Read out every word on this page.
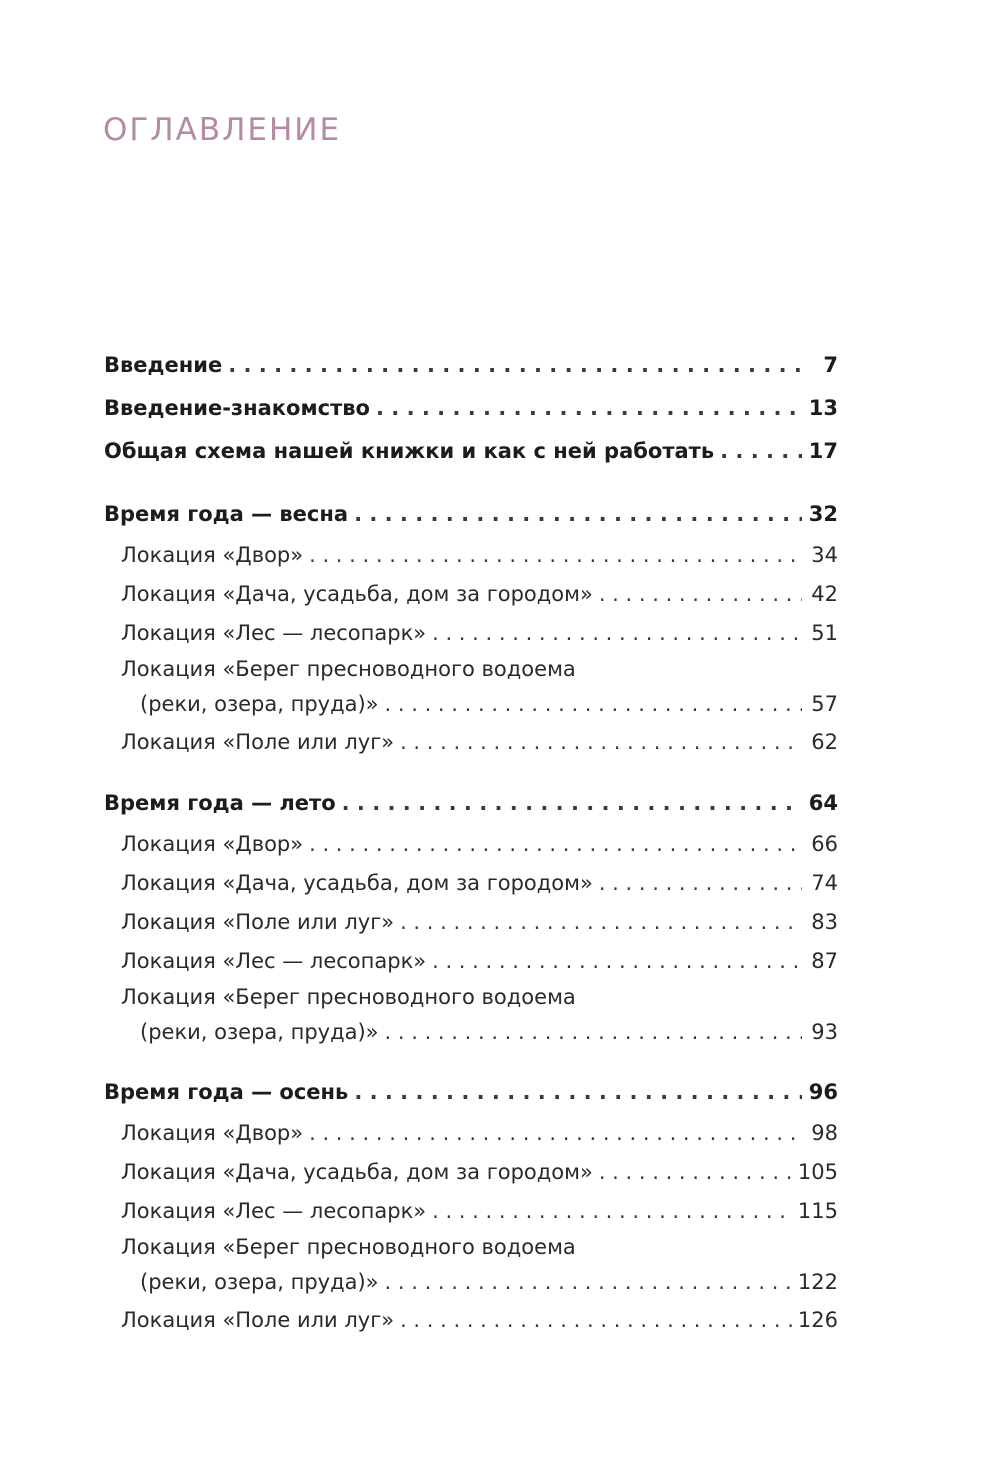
ОГЛАВЛЕНИЕ
Введение . . .	7
Введение-знакомство . . .	13
Общая схема нашей книжки и как с ней работать . . .	17
Время года — весна . . .	32
Локация «Двор» . . .	34
Локация «Дача, усадьба, дом за городом» . . .	42
Локация «Лес — лесопарк» . . .	51
Локация «Берег пресноводного водоема
(реки, озера, пруда)» . . .	57
Локация «Поле или луг» . . .	62
Время года — лето . . .	64
Локация «Двор» . . .	66
Локация «Дача, усадьба, дом за городом» . . .	74
Локация «Поле или луг» . . .	83
Локация «Лес — лесопарк» . . .	87
Локация «Берег пресноводного водоема
(реки, озера, пруда)» . . .	93
Время года — осень . . .	96
Локация «Двор» . . .	98
Локация «Дача, усадьба, дом за городом» . . .	105
Локация «Лес — лесопарк» . . .	115
Локация «Берег пресноводного водоема
(реки, озера, пруда)» . . .	122
Локация «Поле или луг» . . .	126
